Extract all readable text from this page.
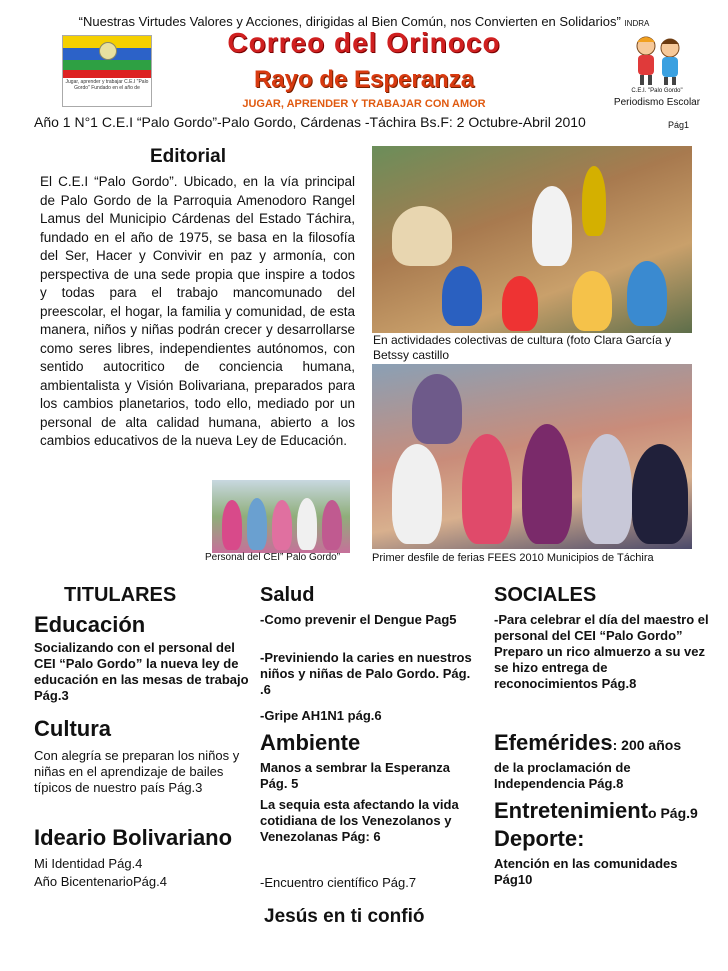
“Nuestras Virtudes Valores y Acciones, dirigidas al Bien Común, nos Convierten en Solidarios” INDRA
Jugar, aprender y trabajar C.E.I "Palo Gordo" Fundado en el año de
Correo del Orinoco
Rayo de Esperanza
JUGAR, APRENDER Y TRABAJAR CON AMOR
C.E.I. "Palo Gordo"
Periodismo Escolar
Año 1 N°1 C.E.I “Palo Gordo”-Palo Gordo, Cárdenas -Táchira Bs.F: 2 Octubre-Abril 2010	Pág1
Editorial
El C.E.I “Palo Gordo”. Ubicado, en la vía principal de Palo Gordo de la Parroquia Amenodoro Rangel Lamus del Municipio Cárdenas del Estado Táchira, fundado en el año de 1975, se basa en la filosofía del Ser, Hacer y Convivir en paz y armonía, con perspectiva de una sede propia que inspire a todos y todas para el trabajo mancomunado del preescolar, el hogar, la familia y comunidad, de esta manera, niños y niñas podrán crecer y desarrollarse como seres libres, independientes autónomos, con sentido autocritico de conciencia humana, ambientalista y Visión Bolivariana, preparados para los cambios planetarios, todo ello, mediado por un personal de alta calidad humana, abierto a los cambios educativos de la nueva Ley de Educación.
En actividades colectivas de cultura (foto Clara García y Betssy castillo
Primer desfile de ferias FEES 2010 Municipios de Táchira
Personal del CEI” Palo Gordo”
TITULARES
Educación
Socializando con el personal del CEI “Palo Gordo” la nueva ley de educación en las mesas de trabajo Pág.3
Cultura
Con alegría se preparan los niños y niñas en el aprendizaje de bailes típicos de nuestro país Pág.3
Ideario Bolivariano
Mi Identidad Pág.4
Año BicentenarioPág.4
Salud
-Como prevenir el Dengue Pag5
-Previniendo la caries en nuestros niños y niñas de Palo Gordo. Pág. .6
-Gripe AH1N1 pág.6
Ambiente
Manos a sembrar la Esperanza Pág. 5
La sequia esta afectando la vida cotidiana de los Venezolanos y Venezolanas Pág: 6
-Encuentro científico Pág.7
Jesús en ti confió
SOCIALES
-Para celebrar el día del maestro el personal del CEI “Palo Gordo” Preparo un rico almuerzo a su vez se hizo entrega de reconocimientos Pág.8
Efemérides: 200 años
de la proclamación de Independencia Pág.8
Entretenimiento Pág.9
Deporte:
Atención en las comunidades Pág10
